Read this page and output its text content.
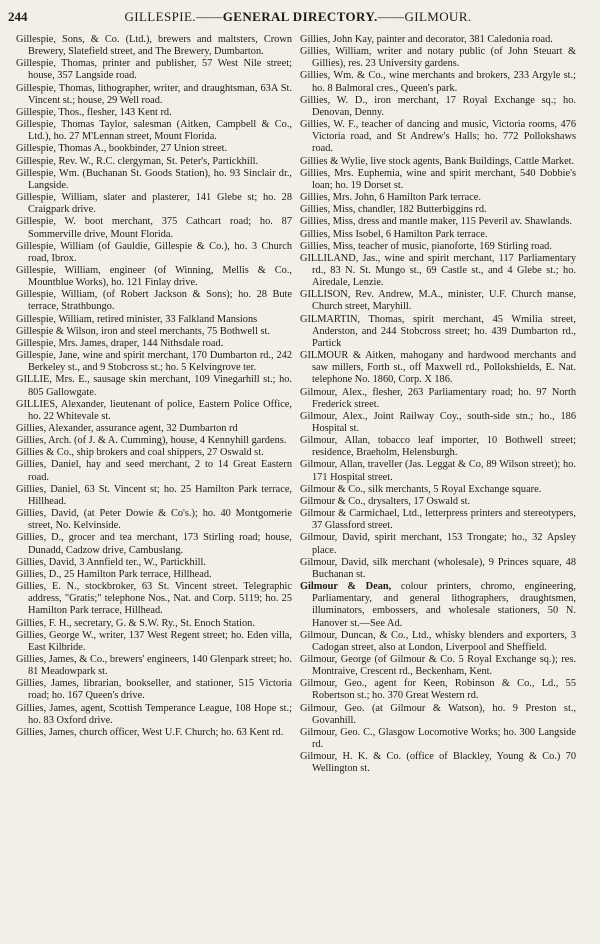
244	GILLESPIE.——GENERAL DIRECTORY.——GILMOUR.

Gillespie, Sons, & Co. (Ltd.), brewers and maltsters, Crown Brewery, Slatefield street, and The Brewery, Dumbarton.

Gillespie, Thomas, printer and publisher, 57 West Nile street; house, 357 Langside road.

Gillespie, Thomas, lithographer, writer, and draughtsman, 63A St. Vincent st.; house, 29 Well road.

Gillespie, Thos., flesher, 143 Kent rd.

Gillespie, Thomas Taylor, salesman (Aitken, Campbell & Co., Ltd.), ho. 27 M'Lennan street, Mount Florida.

Gillespie, Thomas A., bookbinder, 27 Union street.

Gillespie, Rev. W., R.C. clergyman, St. Peter's, Partickhill.

Gillespie, Wm. (Buchanan St. Goods Station), ho. 93 Sinclair dr., Langside.

Gillespie, William, slater and plasterer, 141 Glebe st; ho. 28 Craigpark drive.

Gillespie, W. boot merchant, 375 Cathcart road; ho. 87 Sommerville drive, Mount Florida.

Gillespie, William (of Gauldie, Gillespie & Co.), ho. 3 Church road, Ibrox.

Gillespie, William, engineer (of Winning, Mellis & Co., Mountblue Works), ho. 121 Finlay drive.

Gillespie, William, (of Robert Jackson & Sons); ho. 28 Bute terrace, Strathbungo.

Gillespie, William, retired minister, 33 Falkland Mansions

Gillespie & Wilson, iron and steel merchants, 75 Bothwell st.

Gillespie, Mrs. James, draper, 144 Nithsdale road.

Gillespie, Jane, wine and spirit merchant, 170 Dumbarton rd., 242 Berkeley st., and 9 Stobcross st.; ho. 5 Kelvingrove ter.

GILLIE, Mrs. E., sausage skin merchant, 109 Vinegarhill st.; ho. 805 Gallowgate.

GILLIES, Alexander, lieutenant of police, Eastern Police Office, ho. 22 Whitevale st.

Gillies, Alexander, assurance agent, 32 Dumbarton rd

Gillies, Arch. (of J. & A. Cumming), house, 4 Kennyhill gardens.

Gillies & Co., ship brokers and coal shippers, 27 Oswald st.

Gillies, Daniel, hay and seed merchant, 2 to 14 Great Eastern road.

Gillies, Daniel, 63 St. Vincent st; ho. 25 Hamilton Park terrace, Hillhead.

Gillies, David, (at Peter Dowie & Co's.); ho. 40 Montgomerie street, No. Kelvinside.

Gillies, D., grocer and tea merchant, 173 Stirling road; house, Dunadd, Cadzow drive, Cambuslang.

Gillies, David, 3 Annfield ter., W., Partickhill.

Gillies, D., 25 Hamilton Park terrace, Hillhead.

Gillies, E. N., stockbroker, 63 St. Vincent street. Telegraphic address, "Gratis;" telephone Nos., Nat. and Corp. 5119; ho. 25 Hamilton Park terrace, Hillhead.

Gillies, F. H., secretary, G. & S.W. Ry., St. Enoch Station.

Gillies, George W., writer, 137 West Regent street; ho. Eden villa, East Kilbride.

Gillies, James, & Co., brewers' engineers, 140 Glenpark street; ho. 81 Meadowpark st.

Gillies, James, librarian, bookseller, and stationer, 515 Victoria road; ho. 167 Queen's drive.

Gillies, James, agent, Scottish Temperance League, 108 Hope st.; ho. 83 Oxford drive.

Gillies, James, church officer, West U.F. Church; ho. 63 Kent rd.

Gillies, John Kay, painter and decorator, 381 Caledonia road.

Gillies, William, writer and notary public (of John Steuart & Gillies), res. 23 University gardens.

Gillies, Wm. & Co., wine merchants and brokers, 233 Argyle st.; ho. 8 Balmoral cres., Queen's park.

Gillies, W. D., iron merchant, 17 Royal Exchange sq.; ho. Denovan, Denny.

Gillies, W. F., teacher of dancing and music, Victoria rooms, 476 Victoria road, and St Andrew's Halls; ho. 772 Pollokshaws road.

Gillies & Wylie, live stock agents, Bank Buildings, Cattle Market.

Gillies, Mrs. Euphemia, wine and spirit merchant, 540 Dobbie's loan; ho. 19 Dorset st.

Gillies, Mrs. John, 6 Hamilton Park terrace.

Gillies, Miss, chandler, 182 Butterbiggins rd.

Gillies, Miss, dress and mantle maker, 115 Peveril av. Shawlands.

Gillies, Miss Isobel, 6 Hamilton Park terrace.

Gillies, Miss, teacher of music, pianoforte, 169 Stirling road.

GILLILAND, Jas., wine and spirit merchant, 117 Parliamentary rd., 83 N. St. Mungo st., 69 Castle st., and 4 Glebe st.; ho. Airedale, Lenzie.

GILLISON, Rev. Andrew, M.A., minister, U.F. Church manse, Church street, Maryhill.

GILMARTIN, Thomas, spirit merchant, 45 Wmilia street, Anderston, and 244 Stobcross street; ho. 439 Dumbarton rd., Partick

GILMOUR & Aitken, mahogany and hardwood merchants and saw millers, Forth st., off Maxwell rd., Pollokshields, E. Nat. telephone No. 1860, Corp. X 186.

Gilmour, Alex., flesher, 263 Parliamentary road; ho. 97 North Frederick street.

Gilmour, Alex., Joint Railway Coy., south-side stn.; ho., 186 Hospital st.

Gilmour, Allan, tobacco leaf importer, 10 Bothwell street; residence, Braeholm, Helensburgh.

Gilmour, Allan, traveller (Jas. Leggat & Co, 89 Wilson street); ho. 171 Hospital street.

Gilmour & Co., silk merchants, 5 Royal Exchange square.

Gilmour & Co., drysalters, 17 Oswald st.

Gilmour & Carmichael, Ltd., letterpress printers and stereotypers, 37 Glassford street.

Gilmour, David, spirit merchant, 153 Trongate; ho., 32 Apsley place.

Gilmour, David, silk merchant (wholesale), 9 Princes square, 48 Buchanan st.

Gilmour & Dean, colour printers, chromo, engineering, Parliamentary, and general lithographers, draughtsmen, illuminators, embossers, and wholesale stationers, 50 N. Hanover st.—See Ad.

Gilmour, Duncan, & Co., Ltd., whisky blenders and exporters, 3 Cadogan street, also at London, Liverpool and Sheffield.

Gilmour, George (of Gilmour & Co. 5 Royal Exchange sq.); res. Montraive, Crescent rd., Beckenham, Kent.

Gilmour, Geo., agent for Keen, Robinson & Co., Ld., 55 Robertson st.; ho. 370 Great Western rd.

Gilmour, Geo. (at Gilmour & Watson), ho. 9 Preston st., Govanhill.

Gilmour, Geo. C., Glasgow Locomotive Works; ho. 300 Langside rd.

Gilmour, H. K. & Co. (office of Blackley, Young & Co.) 70 Wellington st.
